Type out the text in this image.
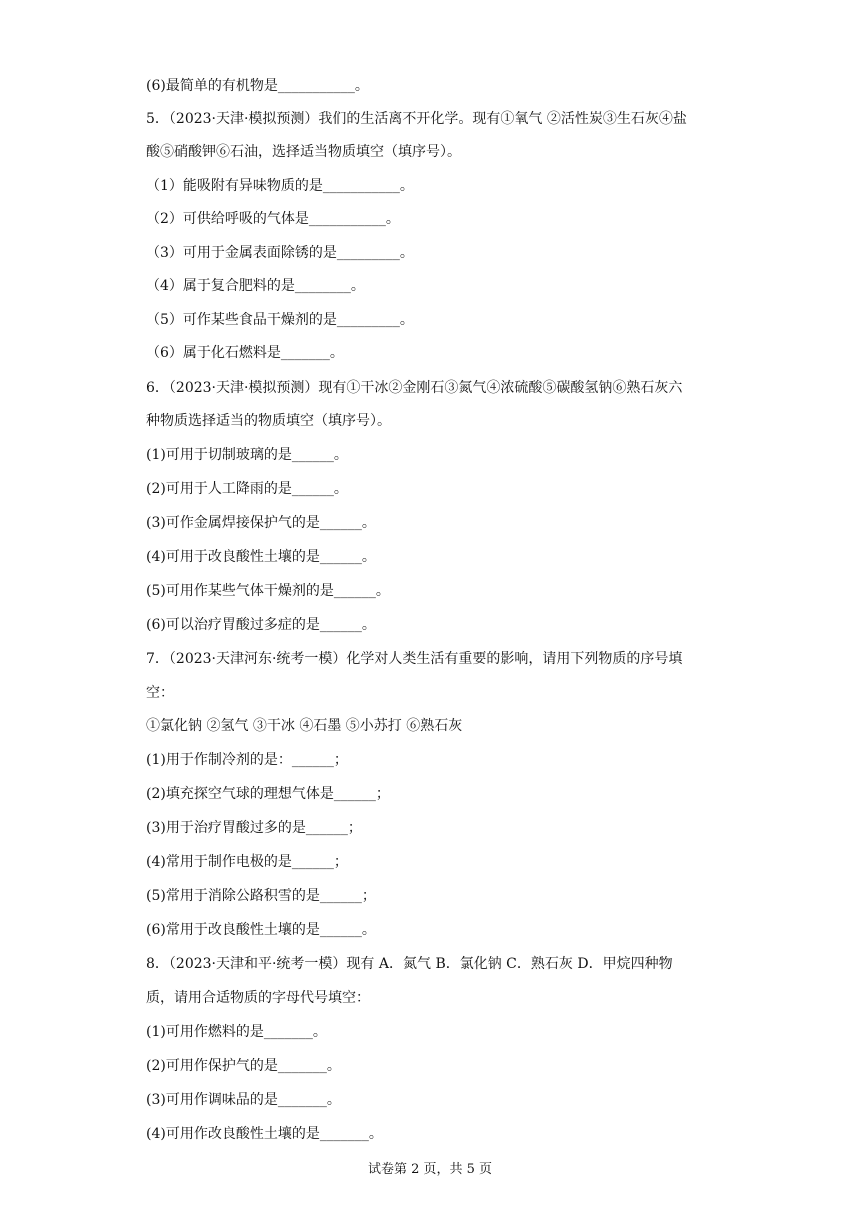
(6)最简单的有机物是___________。
5．（2023·天津·模拟预测）我们的生活离不开化学。现有①氧气 ②活性炭③生石灰④盐
酸⑤硝酸钾⑥石油，选择适当物质填空（填序号）。
（1）能吸附有异味物质的是___________。
（2）可供给呼吸的气体是___________。
（3）可用于金属表面除锈的是_________。
（4）属于复合肥料的是________。
（5）可作某些食品干燥剂的是_________。
（6）属于化石燃料是_______。
6．（2023·天津·模拟预测）现有①干冰②金刚石③氮气④浓硫酸⑤碳酸氢钠⑥熟石灰六
种物质选择适当的物质填空（填序号）。
(1)可用于切制玻璃的是______。
(2)可用于人工降雨的是______。
(3)可作金属焊接保护气的是______。
(4)可用于改良酸性土壤的是______。
(5)可用作某些气体干燥剂的是______。
(6)可以治疗胃酸过多症的是______。
7．（2023·天津河东·统考一模）化学对人类生活有重要的影响，请用下列物质的序号填
空：
①氯化钠 ②氢气 ③干冰 ④石墨 ⑤小苏打 ⑥熟石灰
(1)用于作制冷剂的是：______；
(2)填充探空气球的理想气体是______；
(3)用于治疗胃酸过多的是______；
(4)常用于制作电极的是______；
(5)常用于消除公路积雪的是______；
(6)常用于改良酸性土壤的是______。
8．（2023·天津和平·统考一模）现有 A．氮气 B．氯化钠 C．熟石灰 D．甲烷四种物
质，请用合适物质的字母代号填空：
(1)可用作燃料的是_______。
(2)可用作保护气的是_______。
(3)可用作调味品的是_______。
(4)可用作改良酸性土壤的是_______。
试卷第 2 页，共 5 页
